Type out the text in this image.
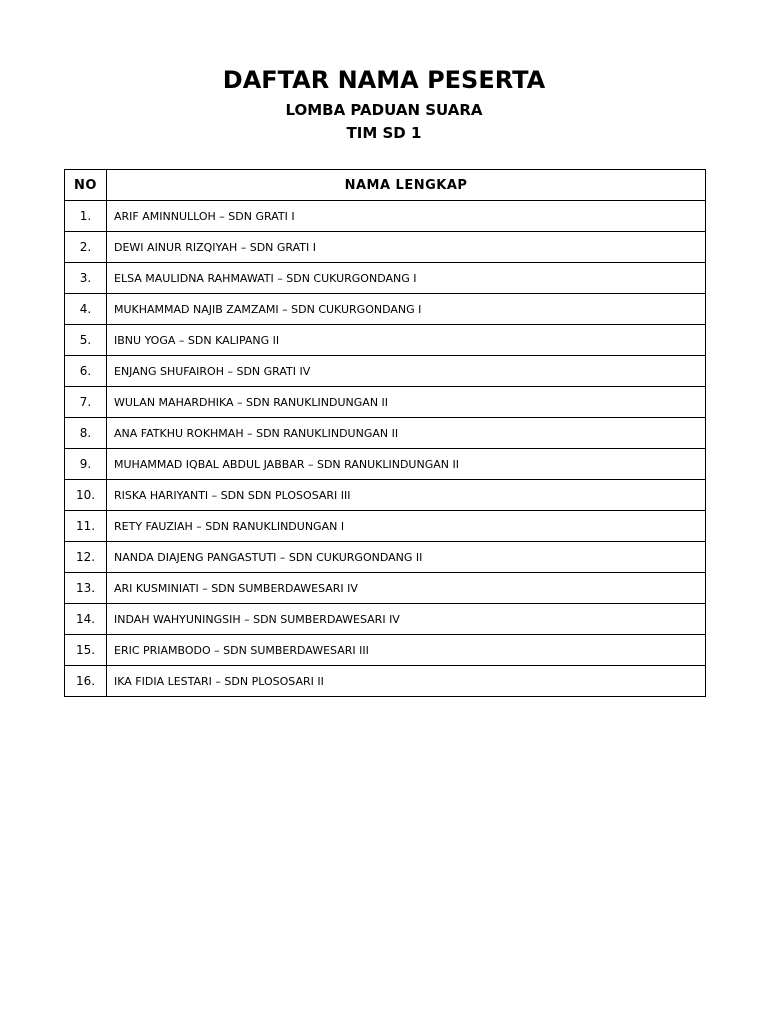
DAFTAR NAMA PESERTA
LOMBA PADUAN SUARA
TIM SD 1
NO	NAMA LENGKAP
1.	ARIF AMINNULLOH – SDN GRATI I
2.	DEWI AINUR RIZQIYAH – SDN GRATI I
3.	ELSA MAULIDNA RAHMAWATI – SDN CUKURGONDANG I
4.	MUKHAMMAD NAJIB ZAMZAMI – SDN CUKURGONDANG I
5.	IBNU YOGA – SDN KALIPANG II
6.	ENJANG SHUFAIROH – SDN GRATI IV
7.	WULAN MAHARDHIKA – SDN RANUKLINDUNGAN II
8.	ANA FATKHU ROKHMAH – SDN RANUKLINDUNGAN II
9.	MUHAMMAD IQBAL ABDUL JABBAR – SDN RANUKLINDUNGAN II
10.	RISKA HARIYANTI – SDN SDN PLOSOSARI III
11.	RETY FAUZIAH – SDN RANUKLINDUNGAN I
12.	NANDA DIAJENG PANGASTUTI – SDN CUKURGONDANG II
13.	ARI KUSMINIATI – SDN SUMBERDAWESARI IV
14.	INDAH WAHYUNINGSIH – SDN SUMBERDAWESARI IV
15.	ERIC PRIAMBODO – SDN SUMBERDAWESARI III
16.	IKA FIDIA LESTARI – SDN PLOSOSARI II
